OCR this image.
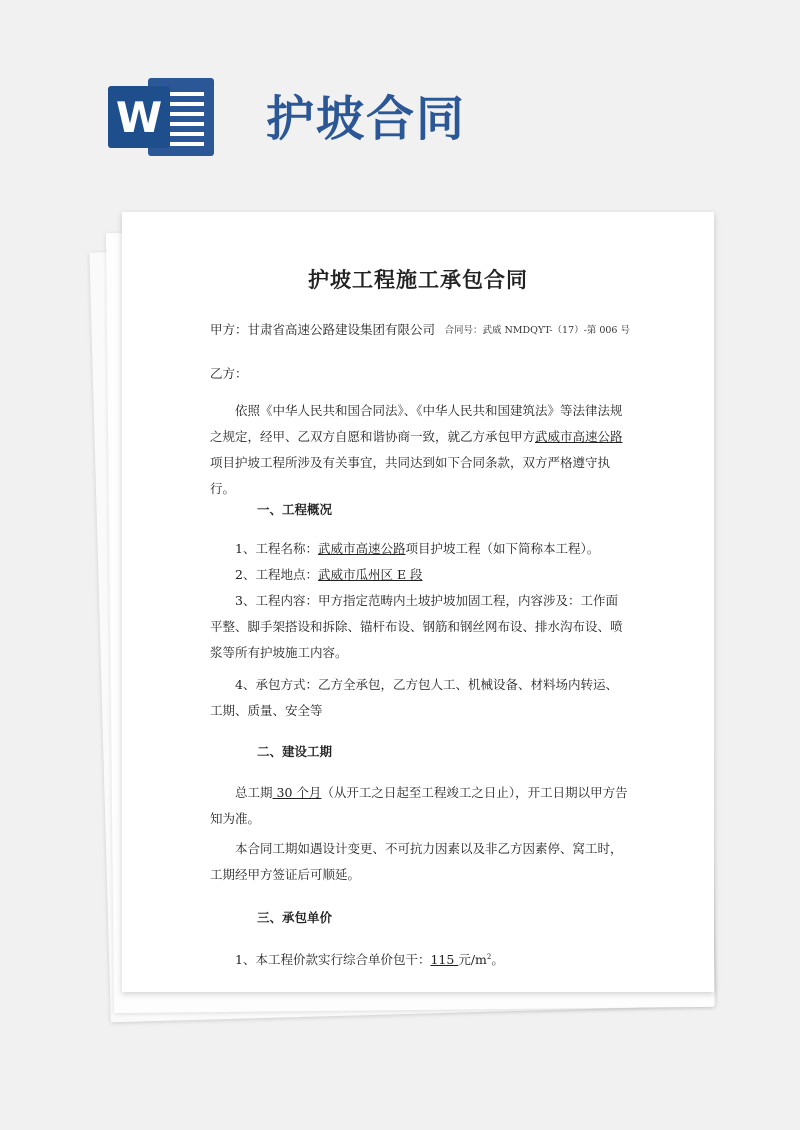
W 护坡合同
护坡工程施工承包合同
甲方：甘肃省高速公路建设集团有限公司 合同号：武威 NMDQYT-（17）-第 006 号
乙方：
依照《中华人民共和国合同法》、《中华人民共和国建筑法》等法律法规之规定，经甲、乙双方自愿和谐协商一致，就乙方承包甲方武威市高速公路项目护坡工程所涉及有关事宜，共同达到如下合同条款，双方严格遵守执行。
一、工程概况
1、工程名称：武威市高速公路项目护坡工程（如下简称本工程）。
2、工程地点：武威市瓜州区 E 段
3、工程内容：甲方指定范畴内土坡护坡加固工程，内容涉及：工作面平整、脚手架搭设和拆除、锚杆布设、钢筋和钢丝网布设、排水沟布设、喷浆等所有护坡施工内容。
4、承包方式：乙方全承包，乙方包人工、机械设备、材料场内转运、工期、质量、安全等
二、建设工期
总工期 30 个月（从开工之日起至工程竣工之日止），开工日期以甲方告知为准。
本合同工期如遇设计变更、不可抗力因素以及非乙方因素停、窝工时，工期经甲方签证后可顺延。
三、承包单价
1、本工程价款实行综合单价包干：115 元$/m^2$。
